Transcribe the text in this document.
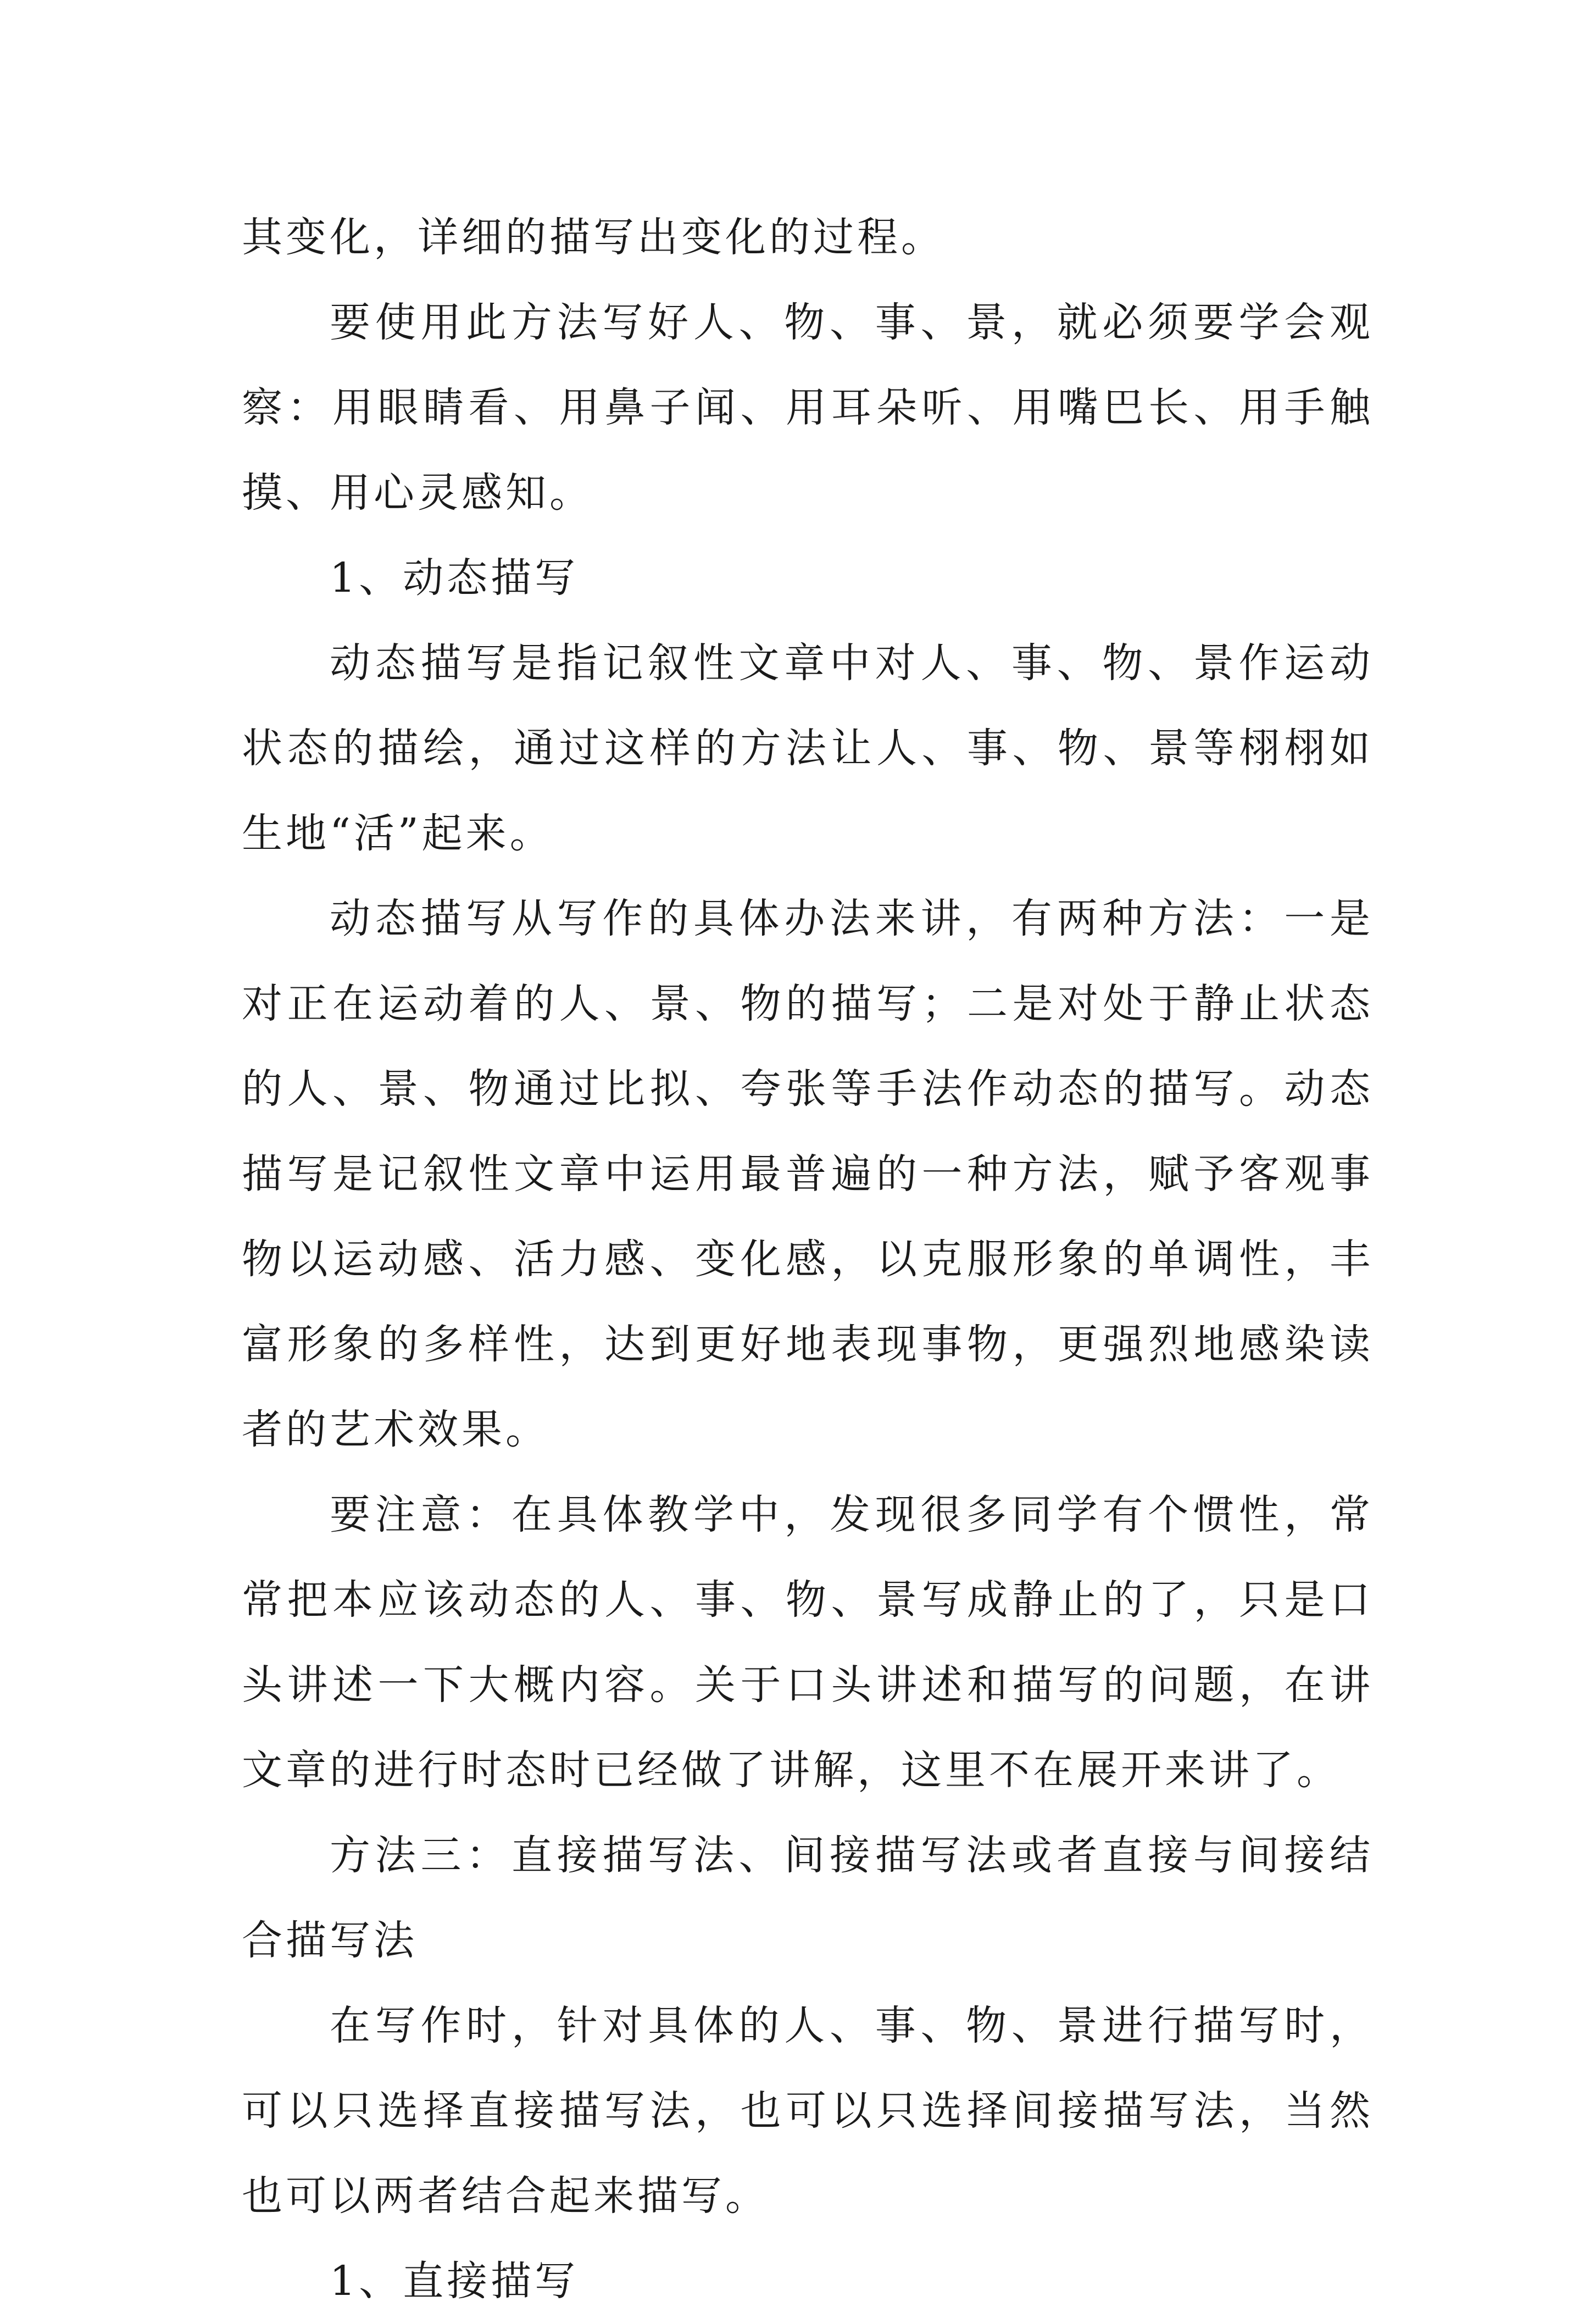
其变化，详细的描写出变化的过程。

要使用此方法写好人、物、事、景，就必须要学会观察：用眼睛看、用鼻子闻、用耳朵听、用嘴巴长、用手触摸、用心灵感知。

1、动态描写

动态描写是指记叙性文章中对人、事、物、景作运动状态的描绘，通过这样的方法让人、事、物、景等栩栩如生地“活”起来。

动态描写从写作的具体办法来讲，有两种方法：一是对正在运动着的人、景、物的描写；二是对处于静止状态的人、景、物通过比拟、夸张等手法作动态的描写。动态描写是记叙性文章中运用最普遍的一种方法，赋予客观事物以运动感、活力感、变化感，以克服形象的单调性，丰富形象的多样性，达到更好地表现事物，更强烈地感染读者的艺术效果。

要注意：在具体教学中，发现很多同学有个惯性，常常把本应该动态的人、事、物、景写成静止的了，只是口头讲述一下大概内容。关于口头讲述和描写的问题，在讲文章的进行时态时已经做了讲解，这里不在展开来讲了。

方法三：直接描写法、间接描写法或者直接与间接结合描写法

在写作时，针对具体的人、事、物、景进行描写时，可以只选择直接描写法，也可以只选择间接描写法，当然也可以两者结合起来描写。

1、直接描写
